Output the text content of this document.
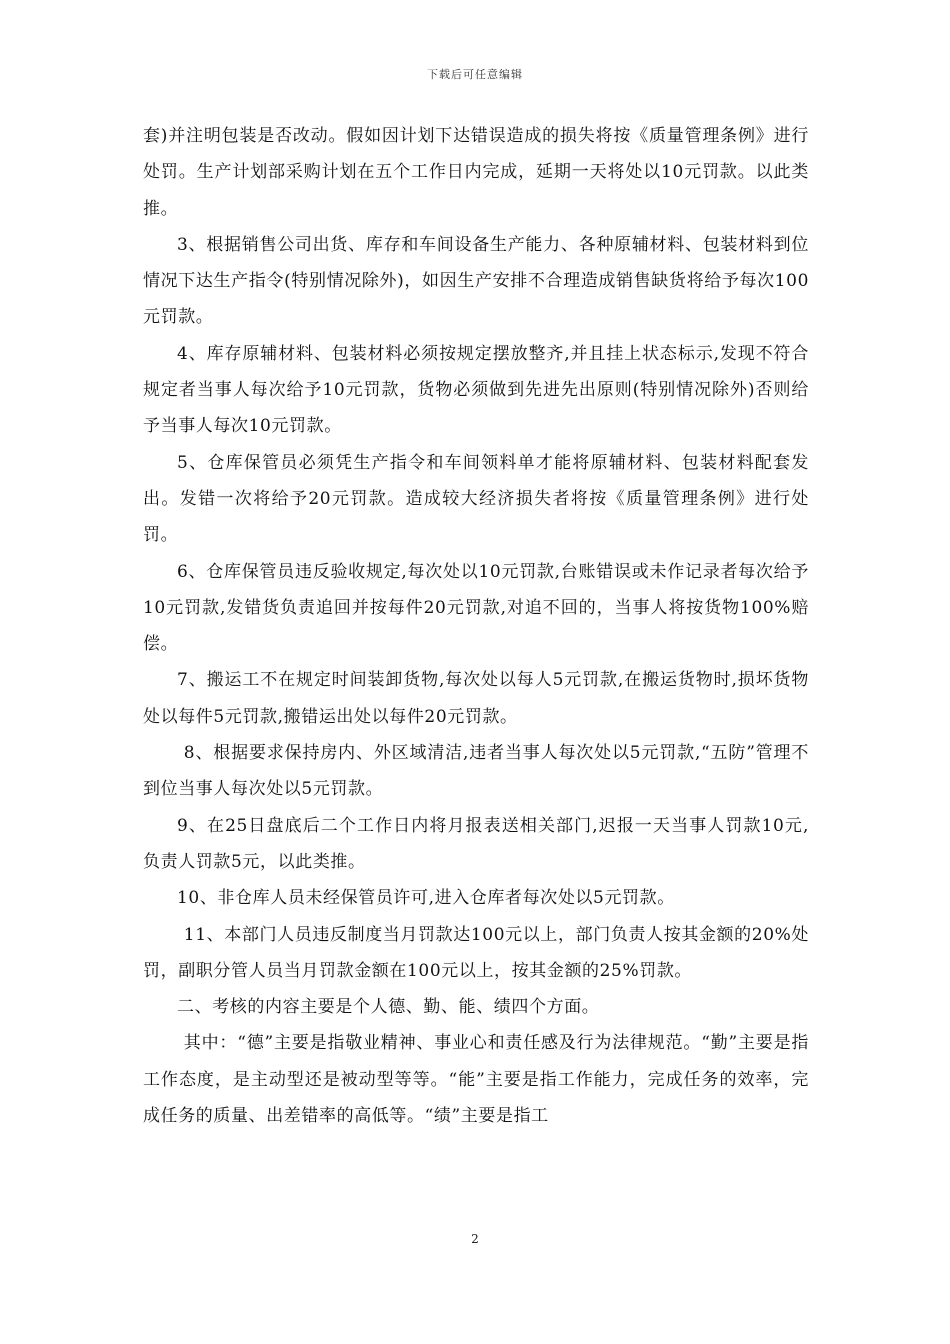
下载后可任意编辑

套)并注明包装是否改动。假如因计划下达错误造成的损失将按《质量管理条例》进行处罚。生产计划部采购计划在五个工作日内完成，延期一天将处以10元罚款。以此类推。

3、根据销售公司出货、库存和车间设备生产能力、各种原辅材料、包装材料到位情况下达生产指令(特别情况除外)，如因生产安排不合理造成销售缺货将给予每次100元罚款。

4、库存原辅材料、包装材料必须按规定摆放整齐,并且挂上状态标示,发现不符合规定者当事人每次给予10元罚款，货物必须做到先进先出原则(特别情况除外)否则给予当事人每次10元罚款。

5、仓库保管员必须凭生产指令和车间领料单才能将原辅材料、包装材料配套发出。发错一次将给予20元罚款。造成较大经济损失者将按《质量管理条例》进行处罚。

6、仓库保管员违反验收规定,每次处以10元罚款,台账错误或未作记录者每次给予10元罚款,发错货负责追回并按每件20元罚款,对追不回的，当事人将按货物100%赔偿。

7、搬运工不在规定时间装卸货物,每次处以每人5元罚款,在搬运货物时,损坏货物处以每件5元罚款,搬错运出处以每件20元罚款。

8、根据要求保持房内、外区域清洁,违者当事人每次处以5元罚款,“五防”管理不到位当事人每次处以5元罚款。

9、在25日盘底后二个工作日内将月报表送相关部门,迟报一天当事人罚款10元,负责人罚款5元，以此类推。

10、非仓库人员未经保管员许可,进入仓库者每次处以5元罚款。

11、本部门人员违反制度当月罚款达100元以上，部门负责人按其金额的20%处罚，副职分管人员当月罚款金额在100元以上，按其金额的25%罚款。

二、考核的内容主要是个人德、勤、能、绩四个方面。

其中：“德”主要是指敬业精神、事业心和责任感及行为法律规范。“勤”主要是指工作态度，是主动型还是被动型等等。“能”主要是指工作能力，完成任务的效率，完成任务的质量、出差错率的高低等。“绩”主要是指工

2
